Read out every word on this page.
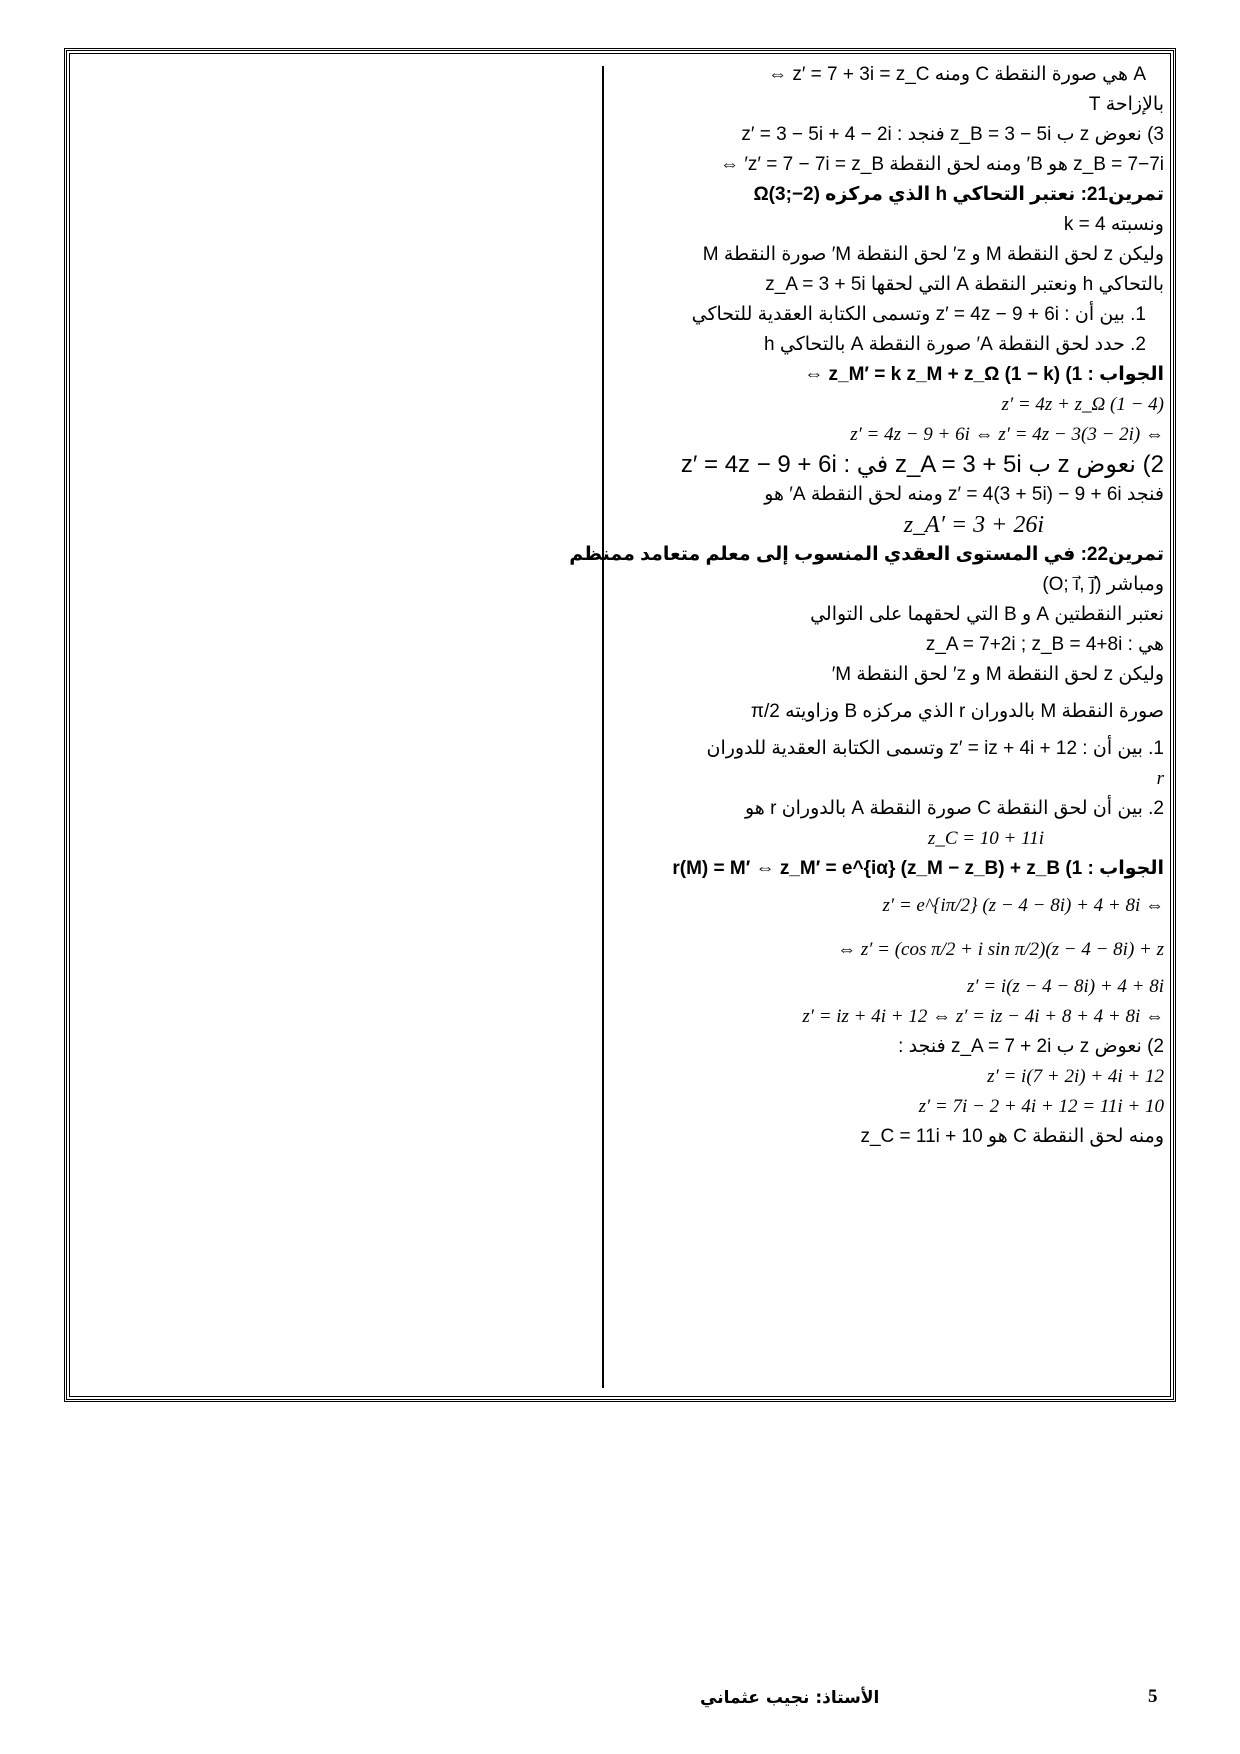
A هي صورة النقطة C ومنه z′ = 7 + 3i = z_C ⇔
بالإزاحة T
3) نعوض z ب z_B = 3 − 5i فنجد : z′ = 3 − 5i + 4 − 2i
z_B = 7−7i هو B′ ومنه لحق النقطة z′ = 7 − 7i = z_B′ ⇔
تمرين21: نعتبر التحاكي h الذي مركزه Ω(3;−2)
ونسبته k = 4
وليكن z لحق النقطة M و z′ لحق النقطة M′ صورة النقطة M
بالتحاكي h ونعتبر النقطة A التي لحقها z_A = 3 + 5i
1. بين أن : z′ = 4z − 9 + 6i وتسمى الكتابة العقدية للتحاكي
2. حدد لحق النقطة A′ صورة النقطة A بالتحاكي h
الجواب : 1) z_M′ = k z_M + z_Ω (1 − k) ⇔
z′ = 4z + z_Ω (1 − 4)
z′ = 4z − 9 + 6i ⇔ z′ = 4z − 3(3 − 2i) ⇔
2) نعوض z ب z_A = 3 + 5i في : z′ = 4z − 9 + 6i
فنجد z′ = 4(3 + 5i) − 9 + 6i ومنه لحق النقطة A′ هو
z_A′ = 3 + 26i
تمرين22: في المستوى العقدي المنسوب إلى معلم متعامد ممنظم
ومباشر (O; i⃗, j⃗)
نعتبر النقطتين A و B التي لحقهما على التوالي
هي : z_A = 7+2i ; z_B = 4+8i
وليكن z لحق النقطة M و z′ لحق النقطة M′
صورة النقطة M بالدوران r الذي مركزه B وزاويته π/2
1. بين أن : z′ = iz + 4i + 12 وتسمى الكتابة العقدية للدوران
r
2. بين أن لحق النقطة C صورة النقطة A بالدوران r هو
z_C = 10 + 11i
الجواب : 1) r(M) = M′ ⇔ z_M′ = e^{iα} (z_M − z_B) + z_B
z′ = e^{iπ/2} (z − 4 − 8i) + 4 + 8i ⇔
⇔ z′ = (cos π/2 + i sin π/2)(z − 4 − 8i) + z
z′ = i(z − 4 − 8i) + 4 + 8i
z′ = iz + 4i + 12 ⇔ z′ = iz − 4i + 8 + 4 + 8i ⇔
2) نعوض z ب z_A = 7 + 2i فنجد :
z′ = i(7 + 2i) + 4i + 12
z′ = 7i − 2 + 4i + 12 = 11i + 10
ومنه لحق النقطة C هو z_C = 11i + 10
الأستاذ: نجيب عثماني	5
